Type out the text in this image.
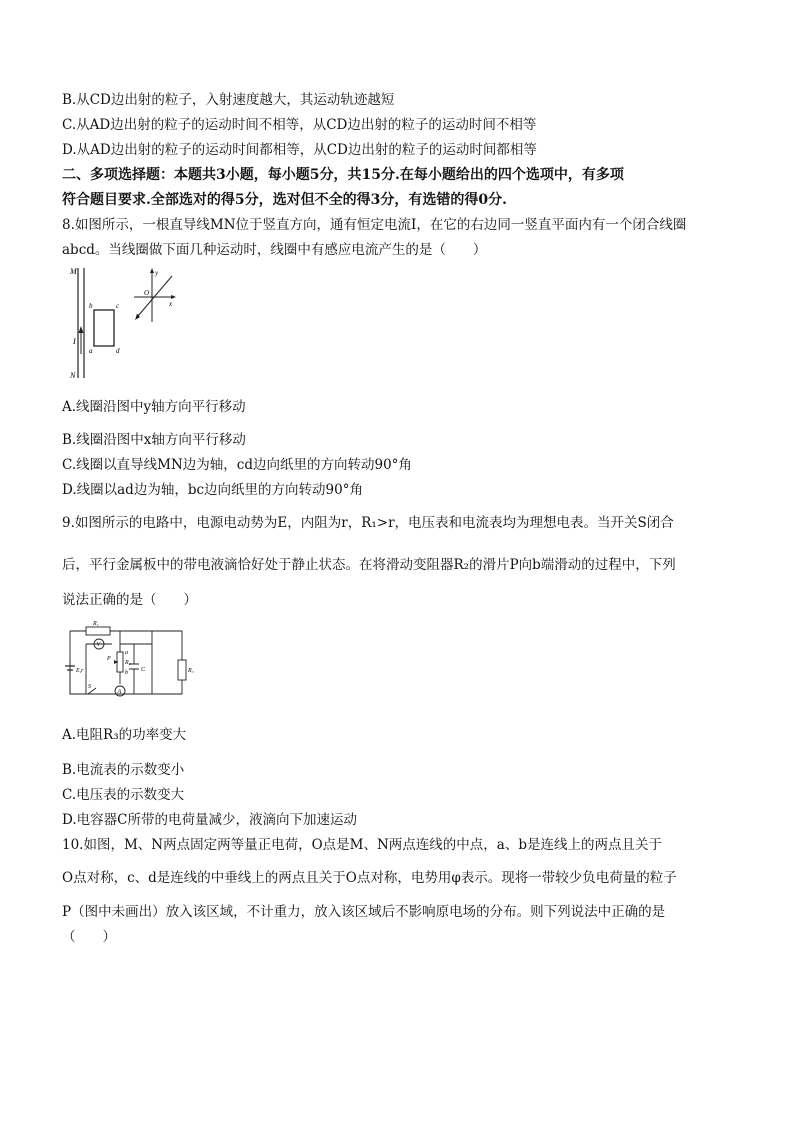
B.从CD边出射的粒子，入射速度越大，其运动轨迹越短
C.从AD边出射的粒子的运动时间不相等，从CD边出射的粒子的运动时间不相等
D.从AD边出射的粒子的运动时间都相等，从CD边出射的粒子的运动时间都相等
二、多项选择题：本题共3小题，每小题5分，共15分.在每小题给出的四个选项中，有多项
符合题目要求.全部选对的得5分，选对但不全的得3分，有选错的得0分.
8.如图所示，一根直导线MN位于竖直方向，通有恒定电流I，在它的右边同一竖直平面内有一个闭合线圈
abcd。当线圈做下面几种运动时，线圈中有感应电流产生的是（　　）
M
N
I
b	c
a	d
y
x
z
O
A.线圈沿图中y轴方向平行移动
B.线圈沿图中x轴方向平行移动
C.线圈以直导线MN边为轴，cd边向纸里的方向转动90°角
D.线圈以ad边为轴，bc边向纸里的方向转动90°角
9.如图所示的电路中，电源电动势为E，内阻为r，R₁>r，电压表和电流表均为理想电表。当开关S闭合
后，平行金属板中的带电液滴恰好处于静止状态。在将滑动变阻器R₂的滑片P向b端滑动的过程中，下列
说法正确的是（　　）
R₁
V
P
a
R₂
b C	R₃
E,r
S
A
A.电阻R₃的功率变大
B.电流表的示数变小
C.电压表的示数变大
D.电容器C所带的电荷量减少，液滴向下加速运动
10.如图，M、N两点固定两等量正电荷，O点是M、N两点连线的中点，a、b是连线上的两点且关于
O点对称，c、d是连线的中垂线上的两点且关于O点对称，电势用φ表示。现将一带较少负电荷量的粒子
P（图中未画出）放入该区域，不计重力，放入该区域后不影响原电场的分布。则下列说法中正确的是
（　　）
